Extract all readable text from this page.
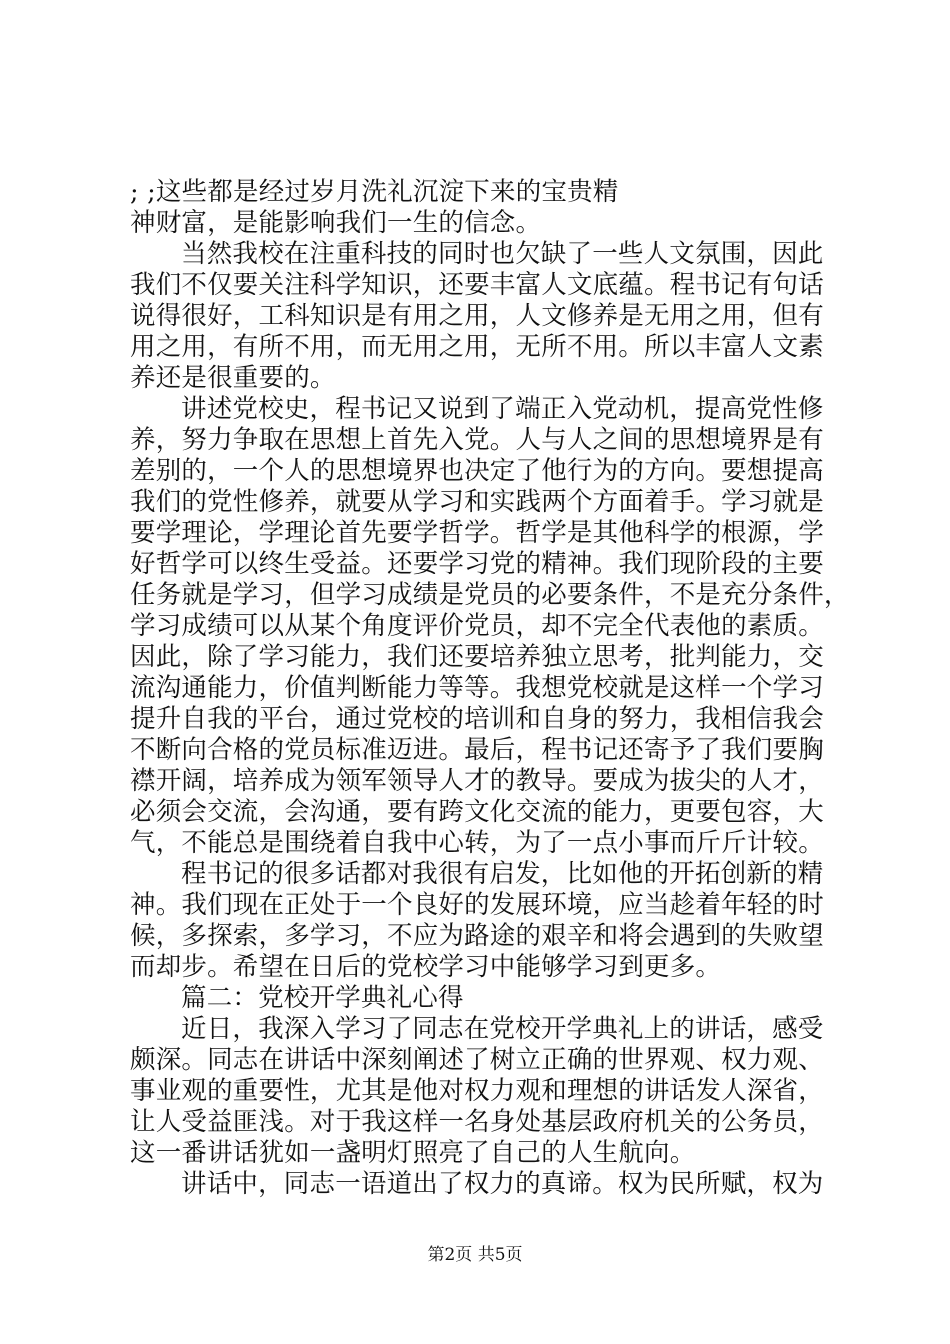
; ;这些都是经过岁月洗礼沉淀下来的宝贵精
神财富，是能影响我们一生的信念。
当然我校在注重科技的同时也欠缺了一些人文氛围，因此
我们不仅要关注科学知识，还要丰富人文底蕴。程书记有句话
说得很好，工科知识是有用之用，人文修养是无用之用，但有
用之用，有所不用，而无用之用，无所不用。所以丰富人文素
养还是很重要的。
讲述党校史，程书记又说到了端正入党动机，提高党性修
养，努力争取在思想上首先入党。人与人之间的思想境界是有
差别的，一个人的思想境界也决定了他行为的方向。要想提高
我们的党性修养，就要从学习和实践两个方面着手。学习就是
要学理论，学理论首先要学哲学。哲学是其他科学的根源，学
好哲学可以终生受益。还要学习党的精神。我们现阶段的主要
任务就是学习，但学习成绩是党员的必要条件，不是充分条件，
学习成绩可以从某个角度评价党员，却不完全代表他的素质。
因此，除了学习能力，我们还要培养独立思考，批判能力，交
流沟通能力，价值判断能力等等。我想党校就是这样一个学习
提升自我的平台，通过党校的培训和自身的努力，我相信我会
不断向合格的党员标准迈进。最后，程书记还寄予了我们要胸
襟开阔，培养成为领军领导人才的教导。要成为拔尖的人才，
必须会交流，会沟通，要有跨文化交流的能力，更要包容，大
气，不能总是围绕着自我中心转，为了一点小事而斤斤计较。
程书记的很多话都对我很有启发，比如他的开拓创新的精
神。我们现在正处于一个良好的发展环境，应当趁着年轻的时
候，多探索，多学习，不应为路途的艰辛和将会遇到的失败望
而却步。希望在日后的党校学习中能够学习到更多。
篇二：党校开学典礼心得
近日，我深入学习了同志在党校开学典礼上的讲话，感受
颇深。同志在讲话中深刻阐述了树立正确的世界观、权力观、
事业观的重要性，尤其是他对权力观和理想的讲话发人深省，
让人受益匪浅。对于我这样一名身处基层政府机关的公务员，
这一番讲话犹如一盏明灯照亮了自己的人生航向。
第2页 共5页
讲话中，同志一语道出了权力的真谛。权为民所赋，权为
